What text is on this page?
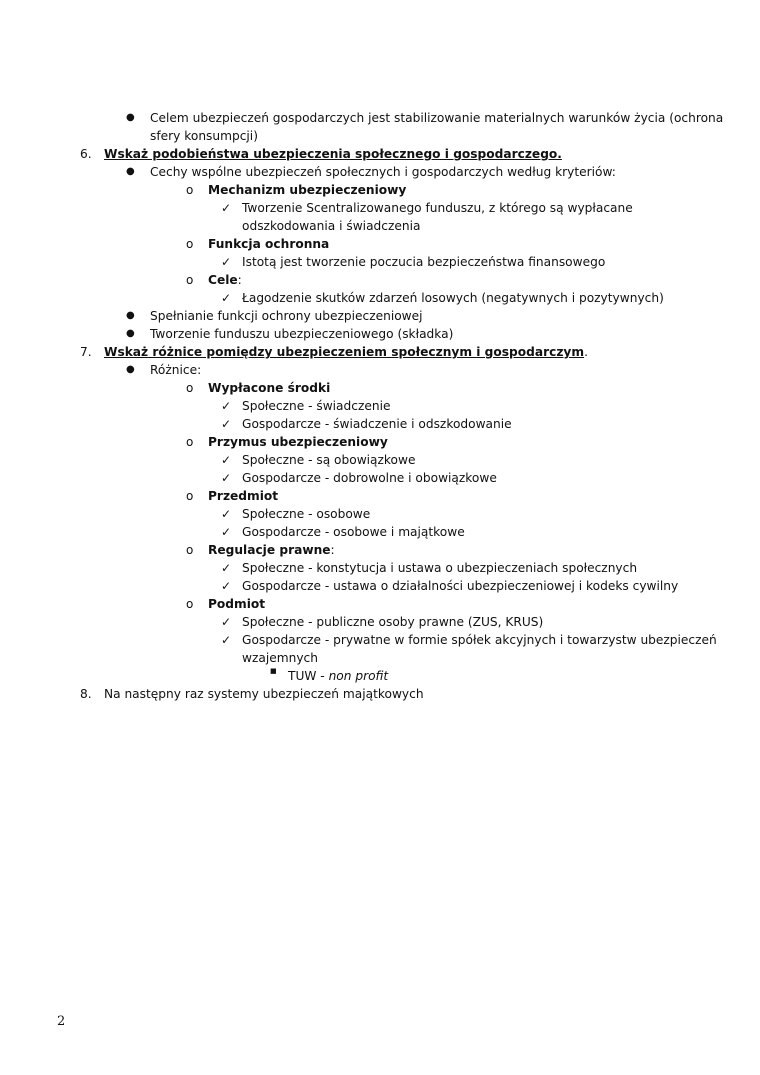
● Celem ubezpieczeń gospodarczych jest stabilizowanie materialnych warunków życia (ochrona
sfery konsumpcji)
6. Wskaż podobieństwa ubezpieczenia społecznego i gospodarczego.
● Cechy wspólne ubezpieczeń społecznych i gospodarczych według kryteriów:
o Mechanizm ubezpieczeniowy
✓ Tworzenie Scentralizowanego funduszu, z którego są wypłacane
odszkodowania i świadczenia
o Funkcja ochronna
✓ Istotą jest tworzenie poczucia bezpieczeństwa finansowego
o Cele:
✓ Łagodzenie skutków zdarzeń losowych (negatywnych i pozytywnych)
● Spełnianie funkcji ochrony ubezpieczeniowej
● Tworzenie funduszu ubezpieczeniowego (składka)
7. Wskaż różnice pomiędzy ubezpieczeniem społecznym i gospodarczym.
● Różnice:
o Wypłacone środki
✓ Społeczne - świadczenie
✓ Gospodarcze - świadczenie i odszkodowanie
o Przymus ubezpieczeniowy
✓ Społeczne - są obowiązkowe
✓ Gospodarcze - dobrowolne i obowiązkowe
o Przedmiot
✓ Społeczne - osobowe
✓ Gospodarcze - osobowe i majątkowe
o Regulacje prawne:
✓ Społeczne - konstytucja i ustawa o ubezpieczeniach społecznych
✓ Gospodarcze - ustawa o działalności ubezpieczeniowej i kodeks cywilny
o Podmiot
✓ Społeczne - publiczne osoby prawne (ZUS, KRUS)
✓ Gospodarcze - prywatne w formie spółek akcyjnych i towarzystw ubezpieczeń
wzajemnych
■ TUW - non profit
8. Na następny raz systemy ubezpieczeń majątkowych
2
